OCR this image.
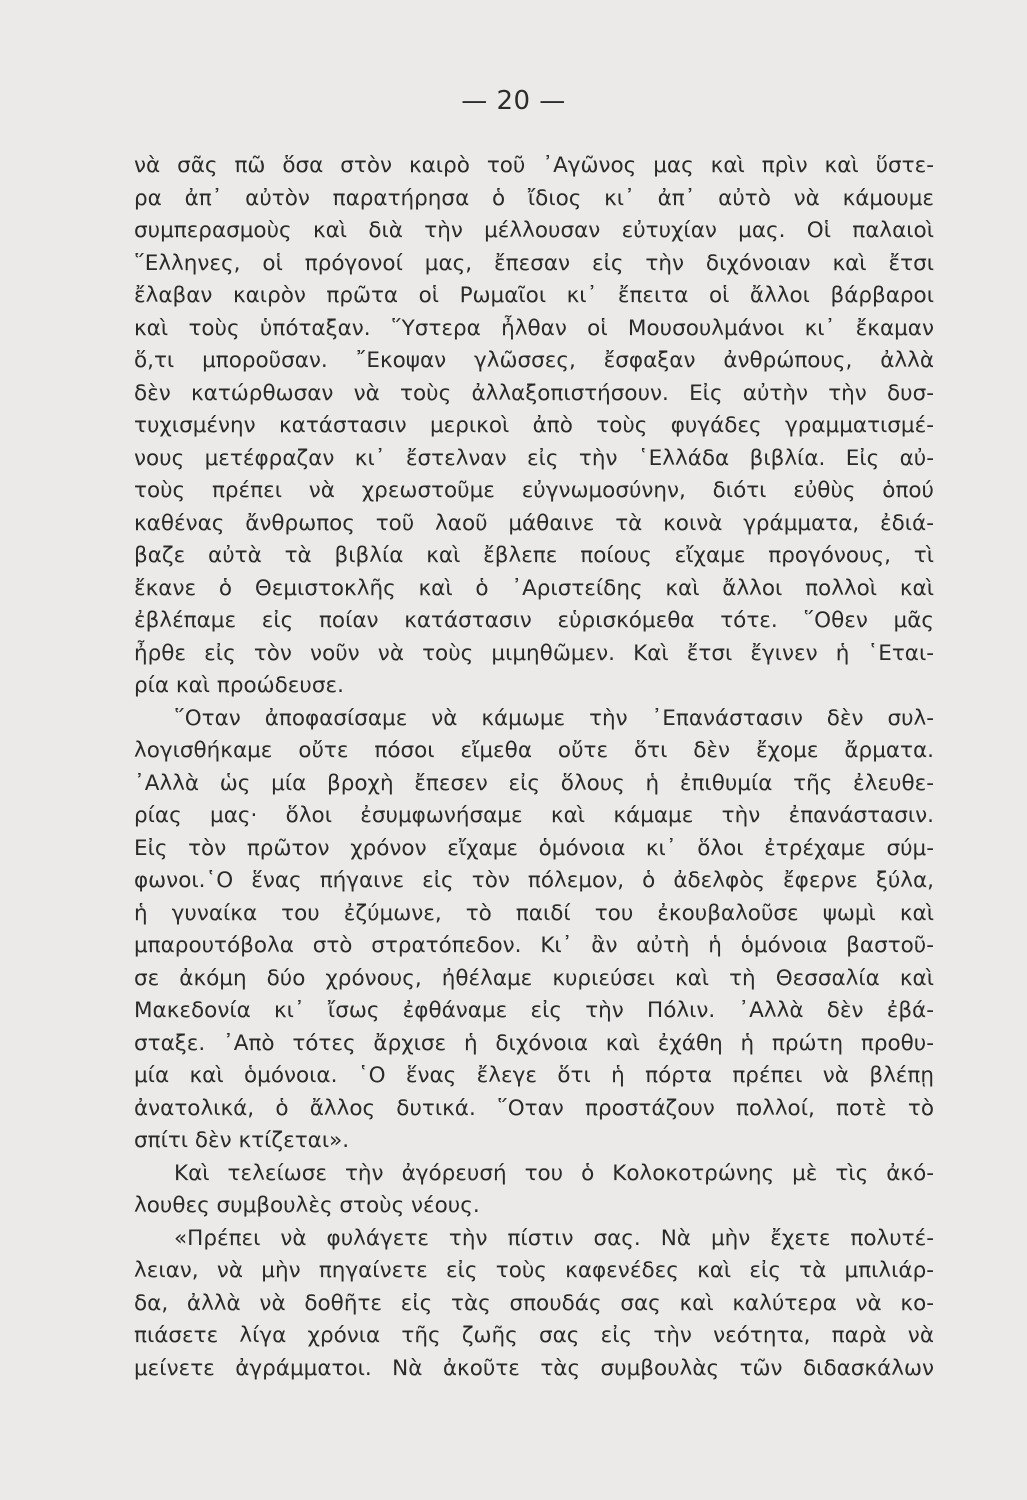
— 20 —
νὰ σᾶς πῶ ὅσα στὸν καιρὸ τοῦ ᾽Αγῶνος μας καὶ πρὶν καὶ ὕστε-
ρα ἀπ᾽ αὐτὸν παρατήρησα ὁ ἴδιος κι᾽ ἀπ᾽ αὐτὸ νὰ κάμουμε
συμπερασμοὺς καὶ διὰ τὴν μέλλουσαν εὐτυχίαν μας. Οἱ παλαιοὶ
῞Ελληνες, οἱ πρόγονοί μας, ἔπεσαν εἰς τὴν διχόνοιαν καὶ ἔτσι
ἔλαβαν καιρὸν πρῶτα οἱ Ρωμαῖοι κι᾽ ἔπειτα οἱ ἄλλοι βάρβαροι
καὶ τοὺς ὑπόταξαν. ῞Υστερα ἦλθαν οἱ Μουσουλμάνοι κι᾽ ἔκαμαν
ὅ,τι μποροῦσαν. ῎Εκοψαν γλῶσσες, ἔσφαξαν ἀνθρώπους, ἀλλὰ
δὲν κατώρθωσαν νὰ τοὺς ἀλλαξοπιστήσουν. Εἰς αὐτὴν τὴν δυσ-
τυχισμένην κατάστασιν μερικοὶ ἀπὸ τοὺς φυγάδες γραμματισμέ-
νους μετέφραζαν κι᾽ ἔστελναν εἰς τὴν ῾Ελλάδα βιβλία. Εἰς αὐ-
τοὺς πρέπει νὰ χρεωστοῦμε εὐγνωμοσύνην, διότι εὐθὺς ὁπού
καθένας ἄνθρωπος τοῦ λαοῦ μάθαινε τὰ κοινὰ γράμματα, ἐδιά-
βαζε αὐτὰ τὰ βιβλία καὶ ἔβλεπε ποίους εἴχαμε προγόνους, τὶ
ἔκανε ὁ Θεμιστοκλῆς καὶ ὁ ᾽Αριστείδης καὶ ἄλλοι πολλοὶ καὶ
ἐβλέπαμε εἰς ποίαν κατάστασιν εὑρισκόμεθα τότε. ῞Οθεν μᾶς
ἦρθε εἰς τὸν νοῦν νὰ τοὺς μιμηθῶμεν. Καὶ ἔτσι ἔγινεν ἡ ῾Εται-
ρία καὶ προώδευσε.
῞Οταν ἀποφασίσαμε νὰ κάμωμε τὴν ᾽Επανάστασιν δὲν συλ-
λογισθήκαμε οὔτε πόσοι εἴμεθα οὔτε ὅτι δὲν ἔχομε ἄρματα.
᾽Αλλὰ ὡς μία βροχὴ ἔπεσεν εἰς ὅλους ἡ ἐπιθυμία τῆς ἐλευθε-
ρίας μας· ὅλοι ἐσυμφωνήσαμε καὶ κάμαμε τὴν ἐπανάστασιν.
Εἰς τὸν πρῶτον χρόνον εἴχαμε ὁμόνοια κι᾽ ὅλοι ἐτρέχαμε σύμ-
φωνοι.῾Ο ἕνας πήγαινε εἰς τὸν πόλεμον, ὁ ἀδελφὸς ἔφερνε ξύλα,
ἡ γυναίκα του ἐζύμωνε, τὸ παιδί του ἐκουβαλοῦσε ψωμὶ καὶ
μπαρουτόβολα στὸ στρατόπεδον. Κι᾽ ἂν αὐτὴ ἡ ὁμόνοια βαστοῦ-
σε ἀκόμη δύο χρόνους, ἠθέλαμε κυριεύσει καὶ τὴ Θεσσαλία καὶ
Μακεδονία κι᾽ ἴσως ἐφθάναμε εἰς τὴν Πόλιν. ᾽Αλλὰ δὲν ἐβά-
σταξε. ᾽Απὸ τότες ἄρχισε ἡ διχόνοια καὶ ἐχάθη ἡ πρώτη προθυ-
μία καὶ ὁμόνοια. ῾Ο ἕνας ἔλεγε ὅτι ἡ πόρτα πρέπει νὰ βλέπῃ
ἀνατολικά, ὁ ἄλλος δυτικά. ῞Οταν προστάζουν πολλοί, ποτὲ τὸ
σπίτι δὲν κτίζεται».
Καὶ τελείωσε τὴν ἀγόρευσή του ὁ Κολοκοτρώνης μὲ τὶς ἀκό-
λουθες συμβουλὲς στοὺς νέους.
«Πρέπει νὰ φυλάγετε τὴν πίστιν σας. Νὰ μὴν ἔχετε πολυτέ-
λειαν, νὰ μὴν πηγαίνετε εἰς τοὺς καφενέδες καὶ εἰς τὰ μπιλιάρ-
δα, ἀλλὰ νὰ δοθῆτε εἰς τὰς σπουδάς σας καὶ καλύτερα νὰ κο-
πιάσετε λίγα χρόνια τῆς ζωῆς σας εἰς τὴν νεότητα, παρὰ νὰ
μείνετε ἀγράμματοι. Νὰ ἀκοῦτε τὰς συμβουλὰς τῶν διδασκάλων
